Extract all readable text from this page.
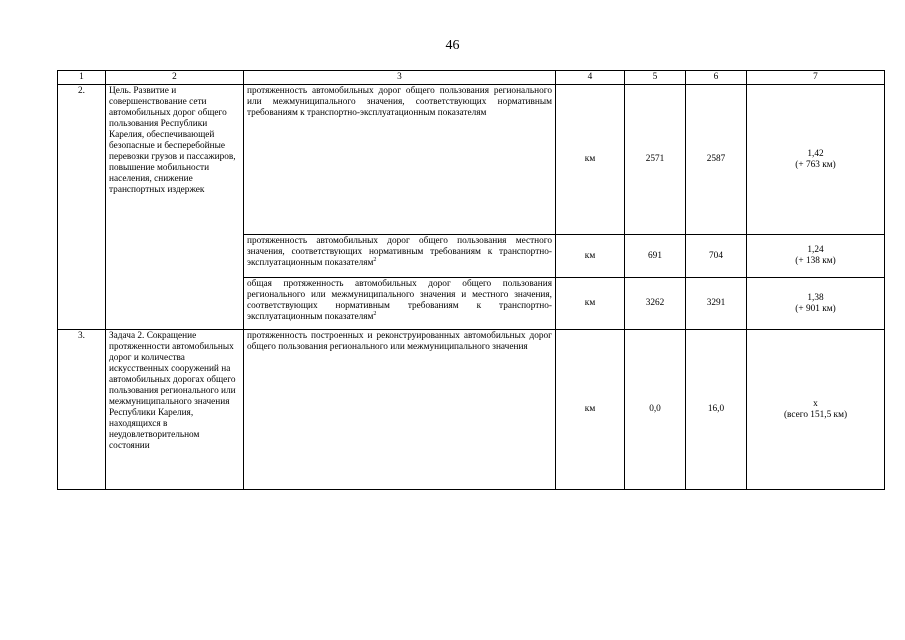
46
1	2	3	4	5	6	7
2.	Цель. Развитие и совершенствование сети автомобильных дорог общего пользования Республики Карелия, обеспечивающей безопасные и бесперебойные перевозки грузов и пассажиров, повышение мобильности населения, снижение транспортных издержек	протяженность автомобильных дорог общего пользования регионального или межмуниципального значения, соответствующих нормативным требованиям к транспортно-эксплуатационным показателям	км	2571	2587	1,42
(+ 763 км)

		протяженность автомобильных дорог общего пользования местного значения, соответствующих нормативным требованиям к транспортно-эксплуатационным показателям$^2$	км	691	704	1,24
(+ 138 км)

		общая протяженность автомобильных дорог общего пользования регионального или межмуниципального значения и местного значения, соответствующих нормативным требованиям к транспортно-эксплуатационным показателям$^2$	км	3262	3291	1,38
(+ 901 км)

3.	Задача 2. Сокращение протяженности автомобильных дорог и количества искусственных сооружений на автомобильных дорогах общего пользования регионального или межмуниципального значения Республики Карелия, находящихся в неудовлетворительном состоянии	протяженность построенных и реконструированных автомобильных дорог общего пользования регионального или межмуниципального значения	км	0,0	16,0	х
(всего 151,5 км)
